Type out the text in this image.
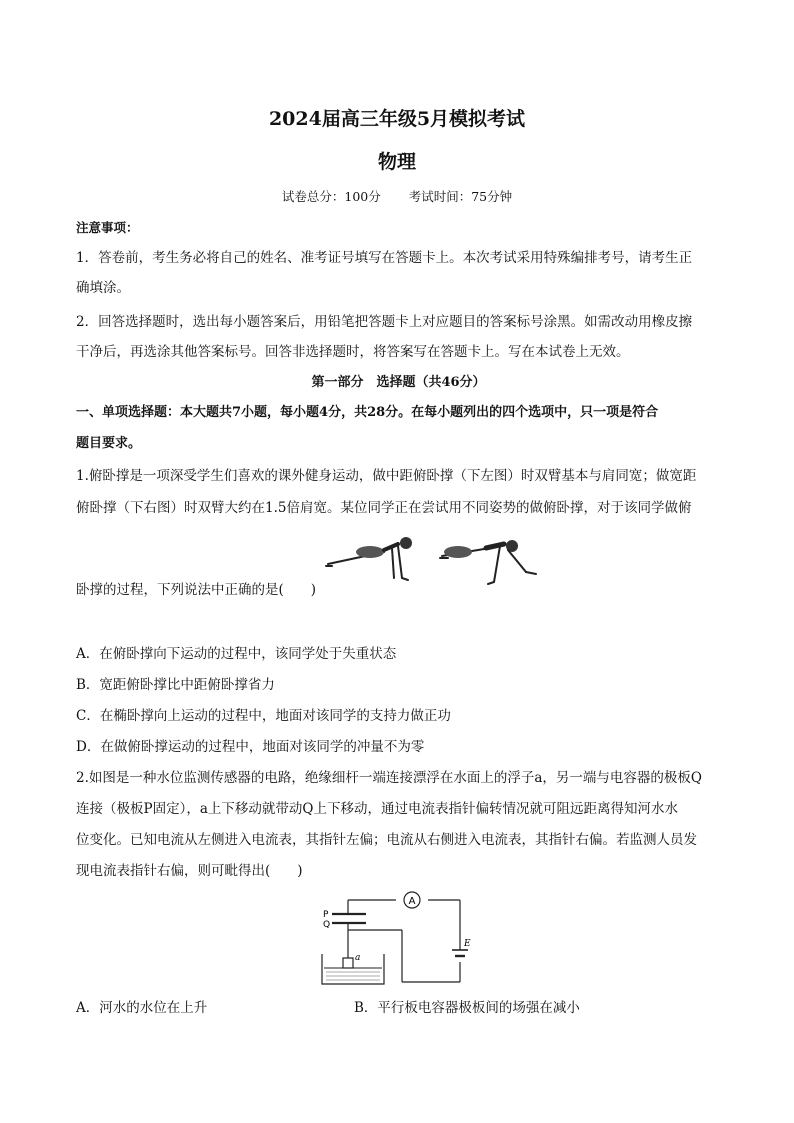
2024届高三年级5月模拟考试
物理
试卷总分：100分 考试时间：75分钟
注意事项：
1．答卷前，考生务必将自己的姓名、准考证号填写在答题卡上。本次考试采用特殊编排考号，请考生正
确填涂。
2．回答选择题时，选出每小题答案后，用铅笔把答题卡上对应题目的答案标号涂黑。如需改动用橡皮擦
干净后，再选涂其他答案标号。回答非选择题时，将答案写在答题卡上。写在本试卷上无效。
第一部分　选择题（共46分）
一、单项选择题：本大题共7小题，每小题4分，共28分。在每小题列出的四个选项中，只一项是符合
题目要求。
1.俯卧撑是一项深受学生们喜欢的课外健身运动，做中距俯卧撑（下左图）时双臂基本与肩同宽；做宽距
俯卧撑（下右图）时双臂大约在1.5倍肩宽。某位同学正在尝试用不同姿势的做俯卧撑，对于该同学做俯
卧撑的过程，下列说法中正确的是(　　)
A．在俯卧撑向下运动的过程中，该同学处于失重状态
B．宽距俯卧撑比中距俯卧撑省力
C．在椭卧撑向上运动的过程中，地面对该同学的支持力做正功
D．在做俯卧撑运动的过程中，地面对该同学的冲量不为零
2.如图是一种水位监测传感器的电路，绝缘细杆一端连接漂浮在水面上的浮子a，另一端与电容器的极板Q
连接（极板P固定），a上下移动就带动Q上下移动，通过电流表指针偏转情况就可阻远距离得知河水水
位变化。已知电流从左侧进入电流表，其指针左偏；电流从右侧进入电流表，其指针右偏。若监测人员发
现电流表指针右偏，则可毗得出(　　)
A
P
Q
a
E
A．河水的水位在上升	B．平行板电容器极板间的场强在减小
